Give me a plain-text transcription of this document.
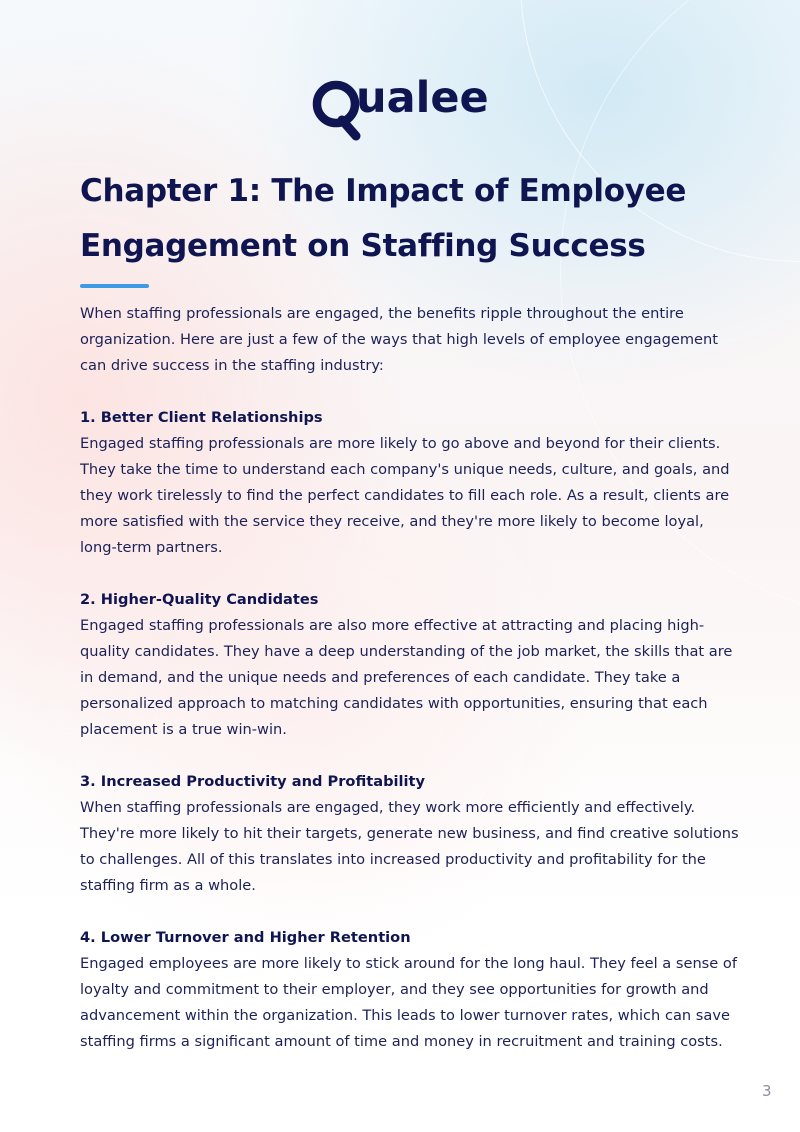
ualee
Chapter 1: The Impact of Employee Engagement on Staffing Success

When staffing professionals are engaged, the benefits ripple throughout the entire organization. Here are just a few of the ways that high levels of employee engagement can drive success in the staffing industry:

1. Better Client Relationships

Engaged staffing professionals are more likely to go above and beyond for their clients. They take the time to understand each company's unique needs, culture, and goals, and they work tirelessly to find the perfect candidates to fill each role. As a result, clients are more satisfied with the service they receive, and they're more likely to become loyal, long-term partners.

2. Higher-Quality Candidates

Engaged staffing professionals are also more effective at attracting and placing high-quality candidates. They have a deep understanding of the job market, the skills that are in demand, and the unique needs and preferences of each candidate. They take a personalized approach to matching candidates with opportunities, ensuring that each placement is a true win-win.

3. Increased Productivity and Profitability

When staffing professionals are engaged, they work more efficiently and effectively. They're more likely to hit their targets, generate new business, and find creative solutions to challenges. All of this translates into increased productivity and profitability for the staffing firm as a whole.

4. Lower Turnover and Higher Retention

Engaged employees are more likely to stick around for the long haul. They feel a sense of loyalty and commitment to their employer, and they see opportunities for growth and advancement within the organization. This leads to lower turnover rates, which can save staffing firms a significant amount of time and money in recruitment and training costs.

3
